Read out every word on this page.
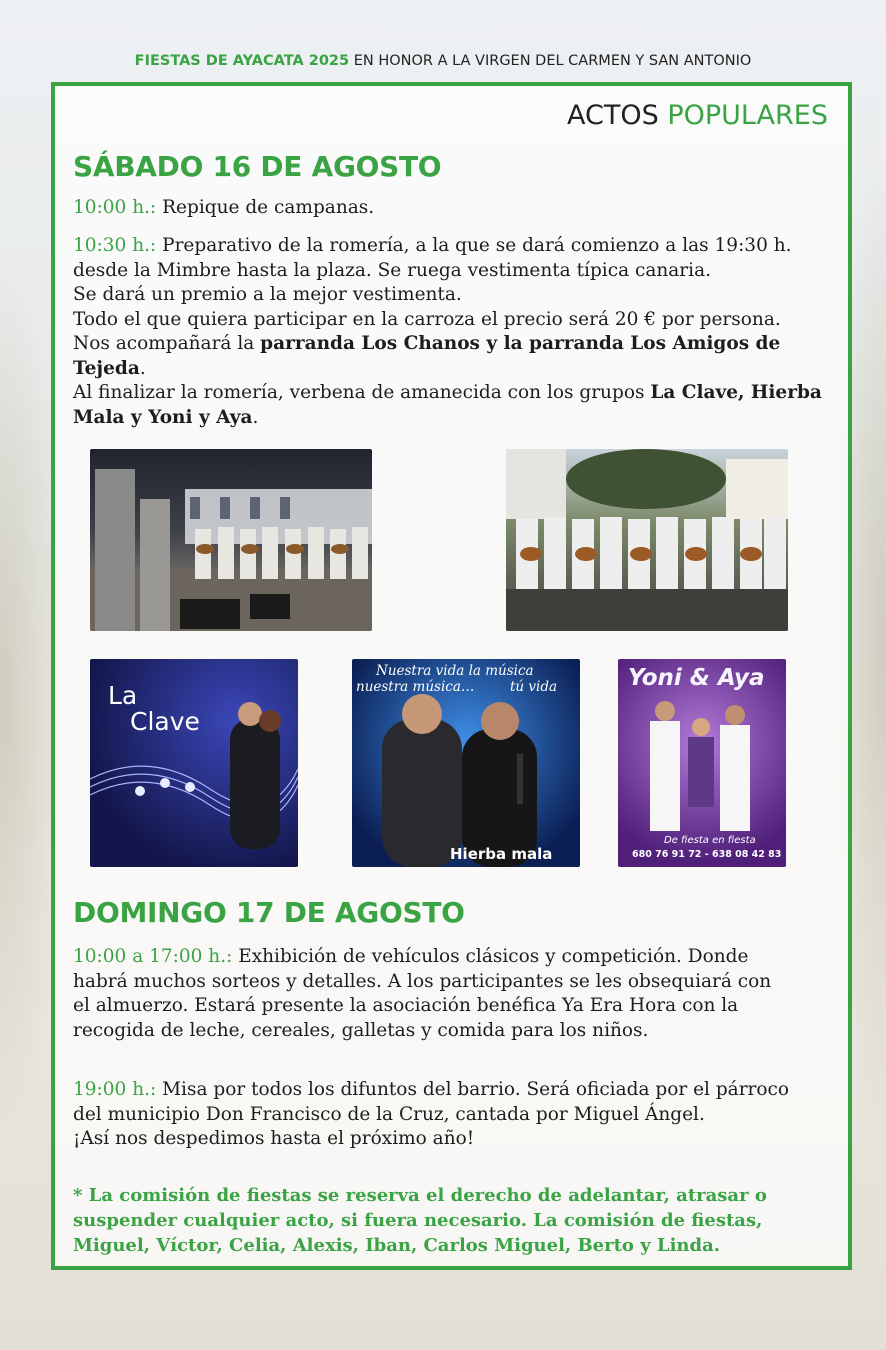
FIESTAS DE AYACATA 2025 EN HONOR A LA VIRGEN DEL CARMEN Y SAN ANTONIO
ACTOS POPULARES
SÁBADO 16 DE AGOSTO
10:00 h.: Repique de campanas.
10:30 h.: Preparativo de la romería, a la que se dará comienzo a las 19:30 h.
desde la Mimbre hasta la plaza. Se ruega vestimenta típica canaria.
Se dará un premio a la mejor vestimenta.
Todo el que quiera participar en la carroza el precio será 20 € por persona.
Nos acompañará la parranda Los Chanos y la parranda Los Amigos de Tejeda.
Al finalizar la romería, verbena de amanecida con los grupos La Clave, Hierba Mala y Yoni y Aya.
La
Clave
Nuestra vida la música
nuestra música…	tú vida
Hierba mala
Yoni & Aya
De fiesta en fiesta
680 76 91 72 - 638 08 42 83
DOMINGO 17 DE AGOSTO
10:00 a 17:00 h.: Exhibición de vehículos clásicos y competición. Donde
habrá muchos sorteos y detalles. A los participantes se les obsequiará con
el almuerzo. Estará presente la asociación benéfica Ya Era Hora con la
recogida de leche, cereales, galletas y comida para los niños.
19:00 h.: Misa por todos los difuntos del barrio. Será oficiada por el párroco
del municipio Don Francisco de la Cruz, cantada por Miguel Ángel.
¡Así nos despedimos hasta el próximo año!
* La comisión de fiestas se reserva el derecho de adelantar, atrasar o
suspender cualquier acto, si fuera necesario. La comisión de fiestas,
Miguel, Víctor, Celia, Alexis, Iban, Carlos Miguel, Berto y Linda.
